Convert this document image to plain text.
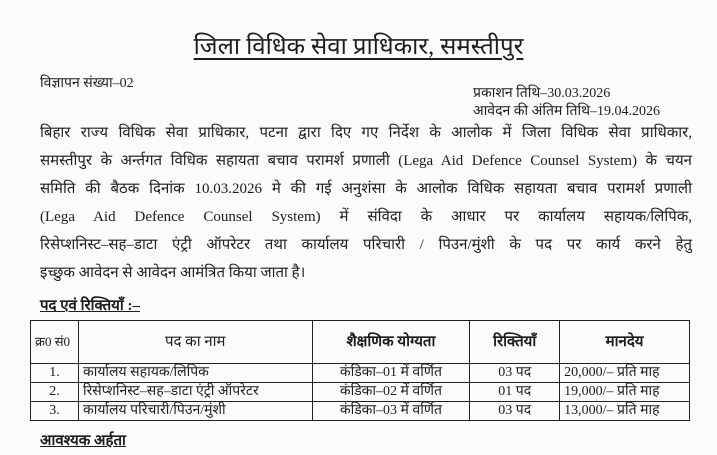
जिला विधिक सेवा प्राधिकार, समस्तीपुर
विज्ञापन संख्या–02
प्रकाशन तिथि–30.03.2026
आवेदन की अंतिम तिथि–19.04.2026
बिहार राज्य विधिक सेवा प्राधिकार, पटना द्वारा दिए गए निर्देश के आलोक में जिला विधिक सेवा प्राधिकार,
समस्तीपुर के अर्न्तगत विधिक सहायता बचाव परामर्श प्रणाली (Lega Aid Defence Counsel System) के चयन
समिति की बैठक दिनांक 10.03.2026 मे की गई अनुशंसा के आलोक विधिक सहायता बचाव परामर्श प्रणाली
(Lega Aid Defence Counsel System) में संविदा के आधार पर कार्यालय सहायक/लिपिक,
रिसेप्शनिस्ट–सह–डाटा एंट्री ऑपरेटर तथा कार्यालय परिचारी / पिउन/मुंशी के पद पर कार्य करने हेतु
इच्छुक आवेदन से आवेदन आमंत्रित किया जाता है।
पद एवं रिक्तियाँ :–
क्र0 सं0	पद का नाम	शैक्षणिक योग्यता	रिक्तियाँ	मानदेय
1.	कार्यालय सहायक/लिपिक	कंडिका–01 में वर्णित	03 पद	20,000/– प्रति माह
2.	रिसेप्शनिस्ट–सह–डाटा एंट्री ऑपरेटर	कंडिका–02 में वर्णित	01 पद	19,000/– प्रति माह
3.	कार्यालय परिचारी/पिउन/मुंशी	कंडिका–03 में वर्णित	03 पद	13,000/– प्रति माह
आवश्यक अर्हता
